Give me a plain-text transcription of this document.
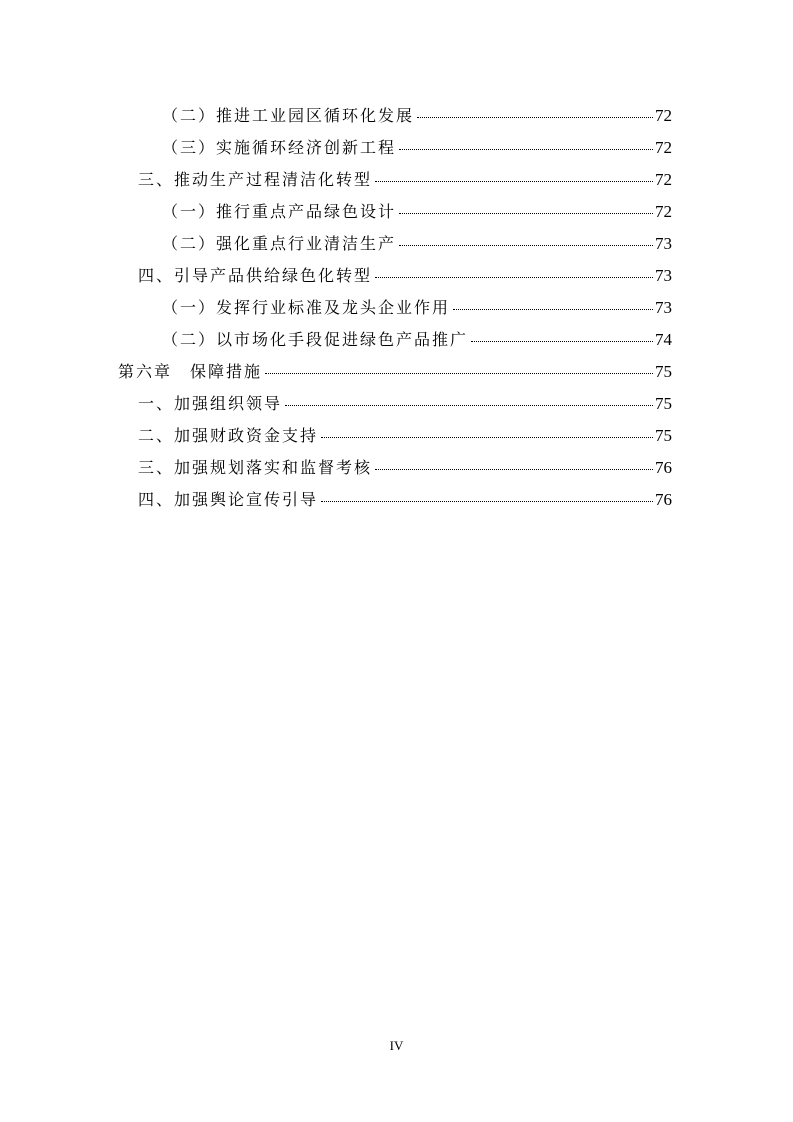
（二）推进工业园区循环化发展	72
（三）实施循环经济创新工程	72
三、推动生产过程清洁化转型	72
（一）推行重点产品绿色设计	72
（二）强化重点行业清洁生产	73
四、引导产品供给绿色化转型	73
（一）发挥行业标准及龙头企业作用	73
（二）以市场化手段促进绿色产品推广	74
第六章　保障措施	75
一、加强组织领导	75
二、加强财政资金支持	75
三、加强规划落实和监督考核	76
四、加强舆论宣传引导	76
IV
